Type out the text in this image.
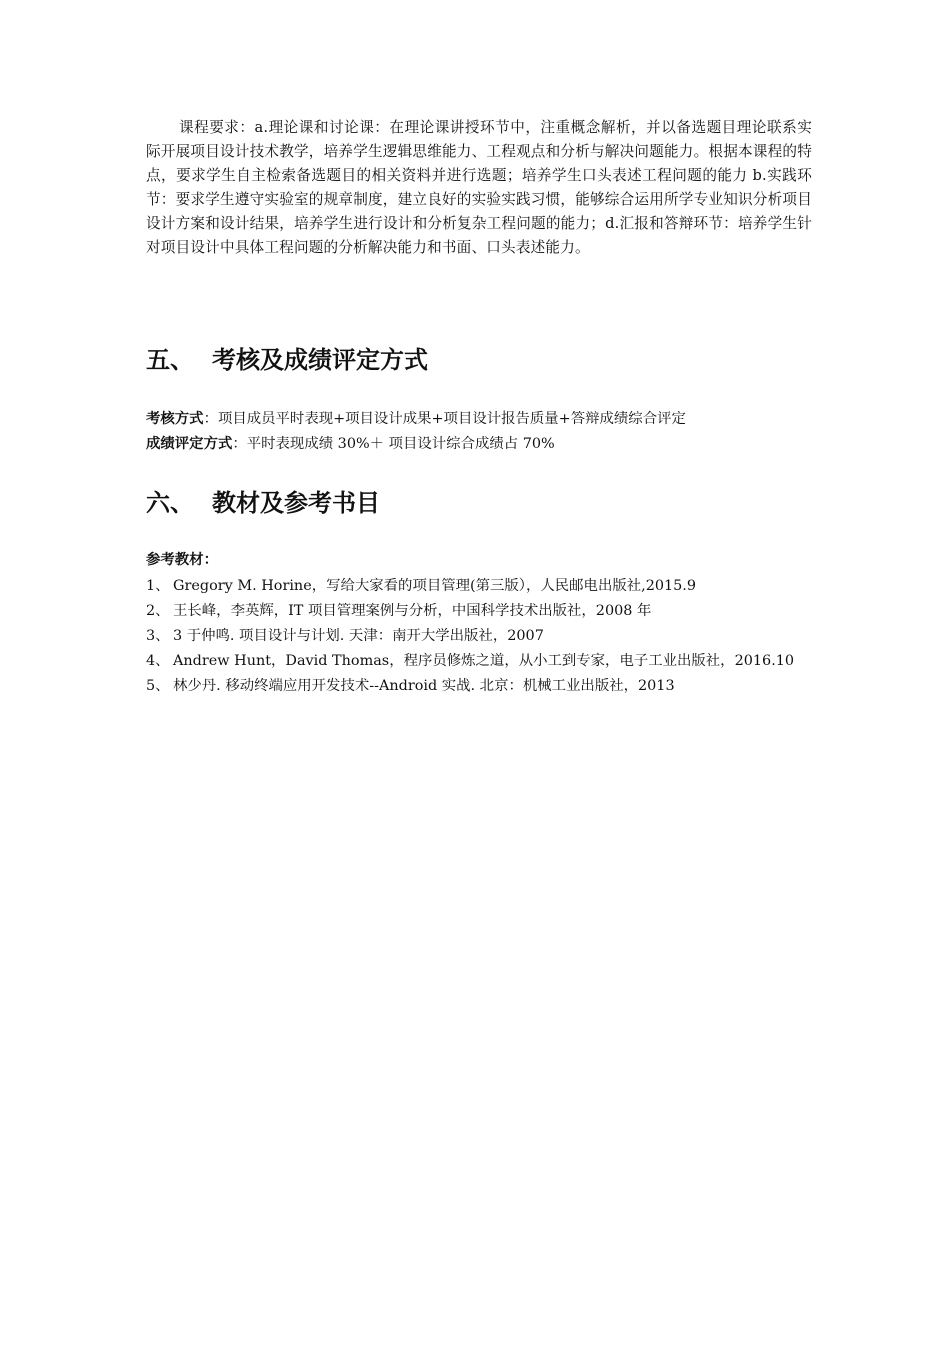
课程要求：a.理论课和讨论课：在理论课讲授环节中，注重概念解析，并以备选题目理论联系实际开展项目设计技术教学，培养学生逻辑思维能力、工程观点和分析与解决问题能力。根据本课程的特点，要求学生自主检索备选题目的相关资料并进行选题；培养学生口头表述工程问题的能力 b.实践环节：要求学生遵守实验室的规章制度，建立良好的实验实践习惯，能够综合运用所学专业知识分析项目设计方案和设计结果，培养学生进行设计和分析复杂工程问题的能力；d.汇报和答辩环节：培养学生针对项目设计中具体工程问题的分析解决能力和书面、口头表述能力。

五、 考核及成绩评定方式

考核方式：项目成员平时表现+项目设计成果+项目设计报告质量+答辩成绩综合评定

成绩评定方式：平时表现成绩 30%＋ 项目设计综合成绩占 70%

六、 教材及参考书目

参考教材：

1、 Gregory M. Horine，写给大家看的项目管理(第三版），人民邮电出版社,2015.9
2、 王长峰，李英辉，IT 项目管理案例与分析，中国科学技术出版社，2008 年
3、 3 于仲鸣. 项目设计与计划. 天津：南开大学出版社，2007
4、 Andrew Hunt，David Thomas，程序员修炼之道，从小工到专家，电子工业出版社，2016.10
5、 林少丹. 移动终端应用开发技术--Android 实战. 北京：机械工业出版社，2013
